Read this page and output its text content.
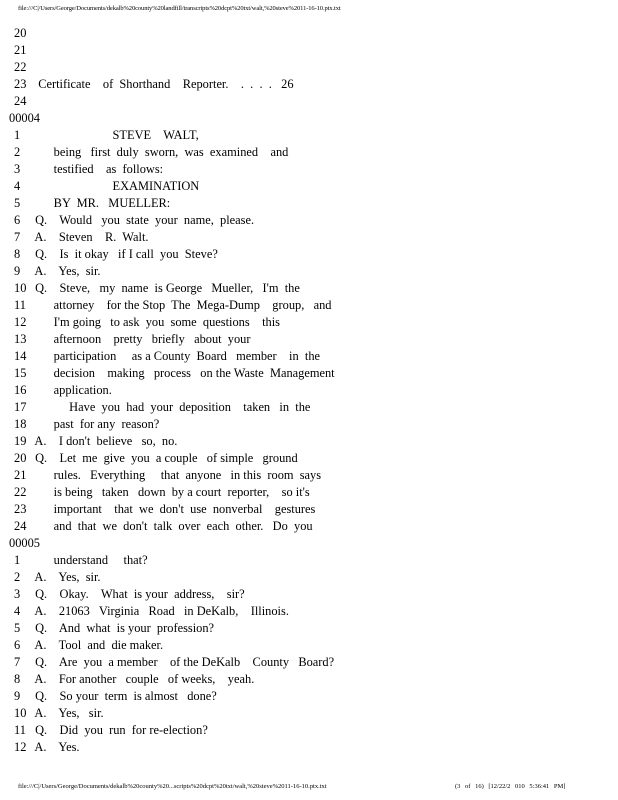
file:///C|/Users/George/Documents/dekalb%20county%20landfill/transcripts%20dcpt%20txt/walt,%20steve%2011-16-10.ptx.txt
20
21
22
23 Certificate    of  Shorthand    Reporter.    .  .  .  .   26
24
00004
1 STEVE    WALT,
2 being   first  duly  sworn,  was  examined    and
3 testified    as  follows:
4 EXAMINATION
5 BY  MR.   MUELLER:
6 Q.    Would   you  state  your  name,  please.
7 A.    Steven    R.  Walt.
8 Q.    Is  it okay   if I call  you  Steve?
9 A.    Yes,  sir.
10 Q.    Steve,   my  name  is George   Mueller,   I'm  the
11 attorney    for the Stop  The  Mega-Dump    group,   and
12 I'm going   to ask  you  some  questions    this
13 afternoon    pretty   briefly   about  your
14 participation     as a County  Board   member    in  the
15 decision    making   process   on the Waste  Management
16 application.
17 Have  you  had  your  deposition    taken   in  the
18 past  for any  reason?
19 A.    I don't  believe   so,  no.
20 Q.    Let  me  give  you  a couple   of simple   ground
21 rules.   Everything     that  anyone   in this  room  says
22 is being   taken   down  by a court  reporter,    so it's
23 important    that  we  don't  use  nonverbal    gestures
24 and  that  we  don't  talk  over  each  other.   Do  you
00005
1 understand     that?
2 A.    Yes,  sir.
3 Q.    Okay.    What  is your  address,    sir?
4 A.    21063   Virginia   Road   in DeKalb,    Illinois.
5 Q.    And  what  is your  profession?
6 A.    Tool  and  die maker.
7 Q.    Are  you  a member    of the DeKalb    County   Board?
8 A.    For another   couple   of weeks,    yeah.
9 Q.    So your  term  is almost   done?
10 A.    Yes,   sir.
11 Q.    Did  you  run  for re-election?
12 A.    Yes.
file:///C|/Users/George/Documents/dekalb%20county%20...scripts%20dcpt%20txt/walt,%20steve%2011-16-10.ptx.txt	(3 of 16) [12/22/2 010 5:36:41 PM]
